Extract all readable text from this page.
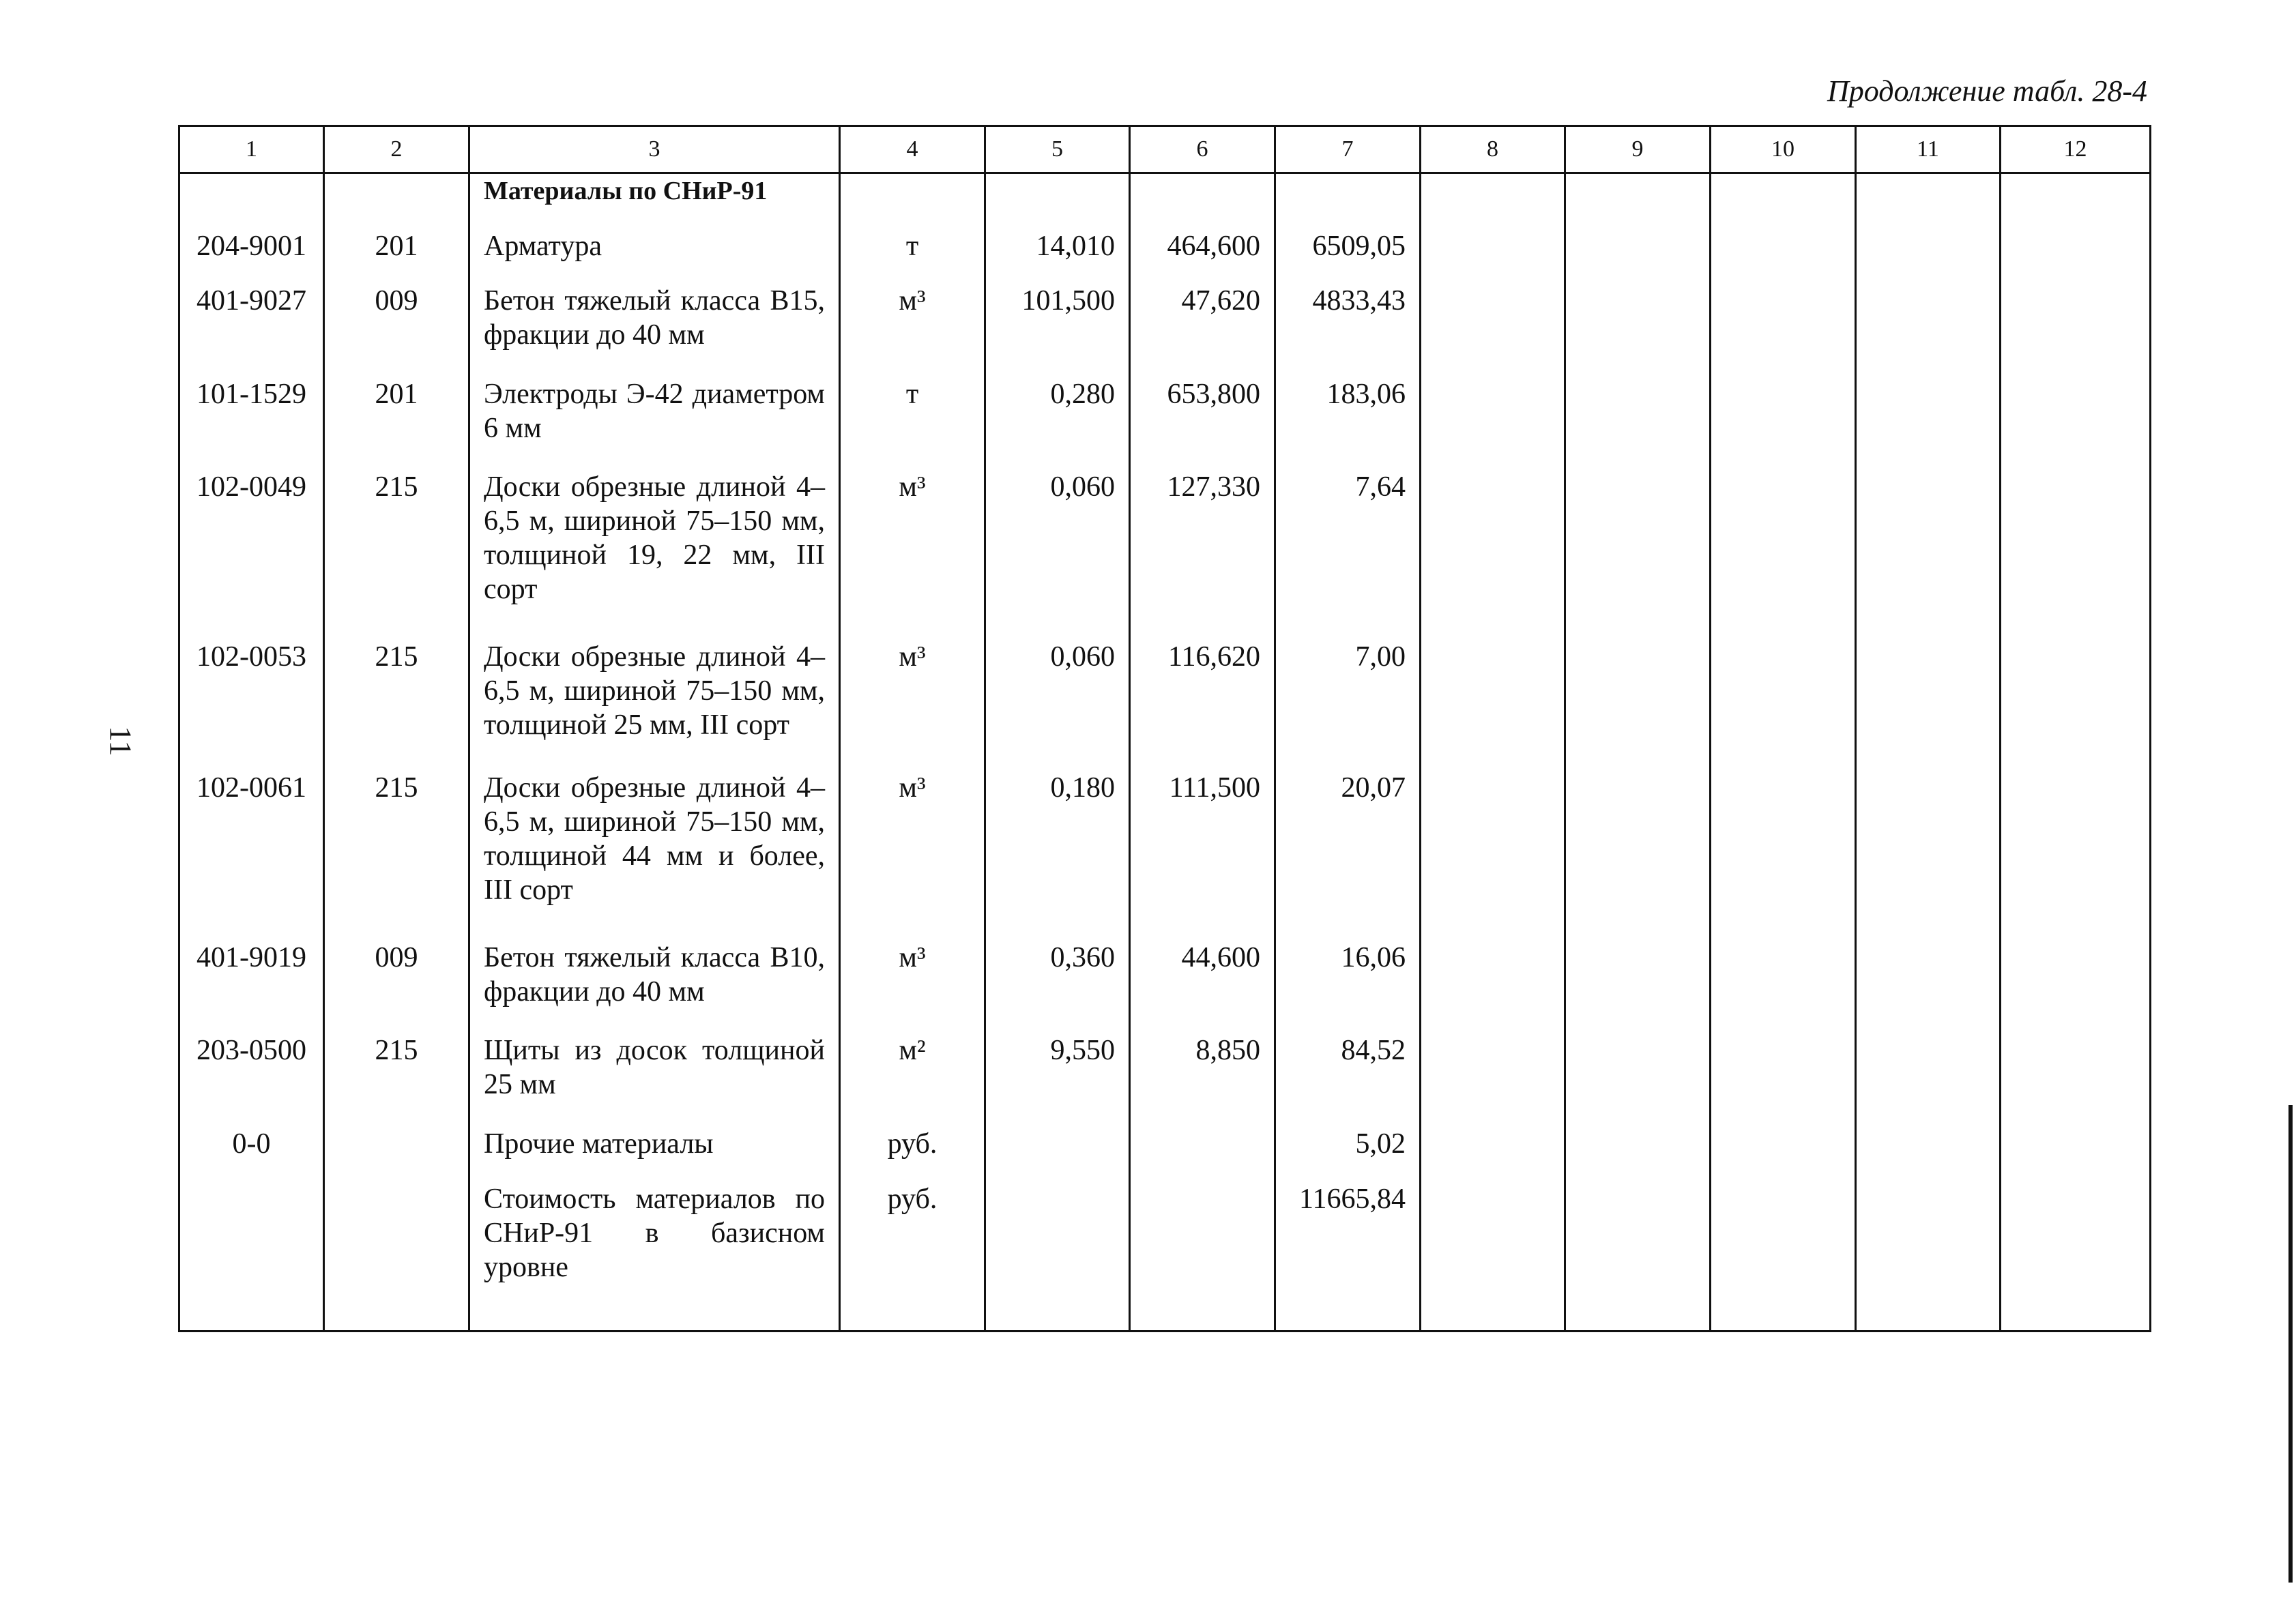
Продолжение табл. 28-4

11
1	2	3	4	5	6	7	8	9	10	11	12
		Материалы по СНиР-91									
204-9001	201	Арматура	т	14,010	464,600	6509,05					
401-9027	009	Бетон тяжелый класса В15, фракции до 40 мм	м³	101,500	47,620	4833,43					
101-1529	201	Электроды Э-42 диаметром 6 мм	т	0,280	653,800	183,06					
102-0049	215	Доски обрезные длиной 4–6,5 м, шириной 75–150 мм, толщиной 19, 22 мм, III сорт	м³	0,060	127,330	7,64					
102-0053	215	Доски обрезные длиной 4–6,5 м, шириной 75–150 мм, толщиной 25 мм, III сорт	м³	0,060	116,620	7,00					
102-0061	215	Доски обрезные длиной 4–6,5 м, шириной 75–150 мм, толщиной 44 мм и более, III сорт	м³	0,180	111,500	20,07					
401-9019	009	Бетон тяжелый класса В10, фракции до 40 мм	м³	0,360	44,600	16,06					
203-0500	215	Щиты из досок толщиной 25 мм	м²	9,550	8,850	84,52					
0-0		Прочие материалы	руб.			5,02					
		Стоимость материалов по СНиР-91 в базисном уровне	руб.			11665,84					
